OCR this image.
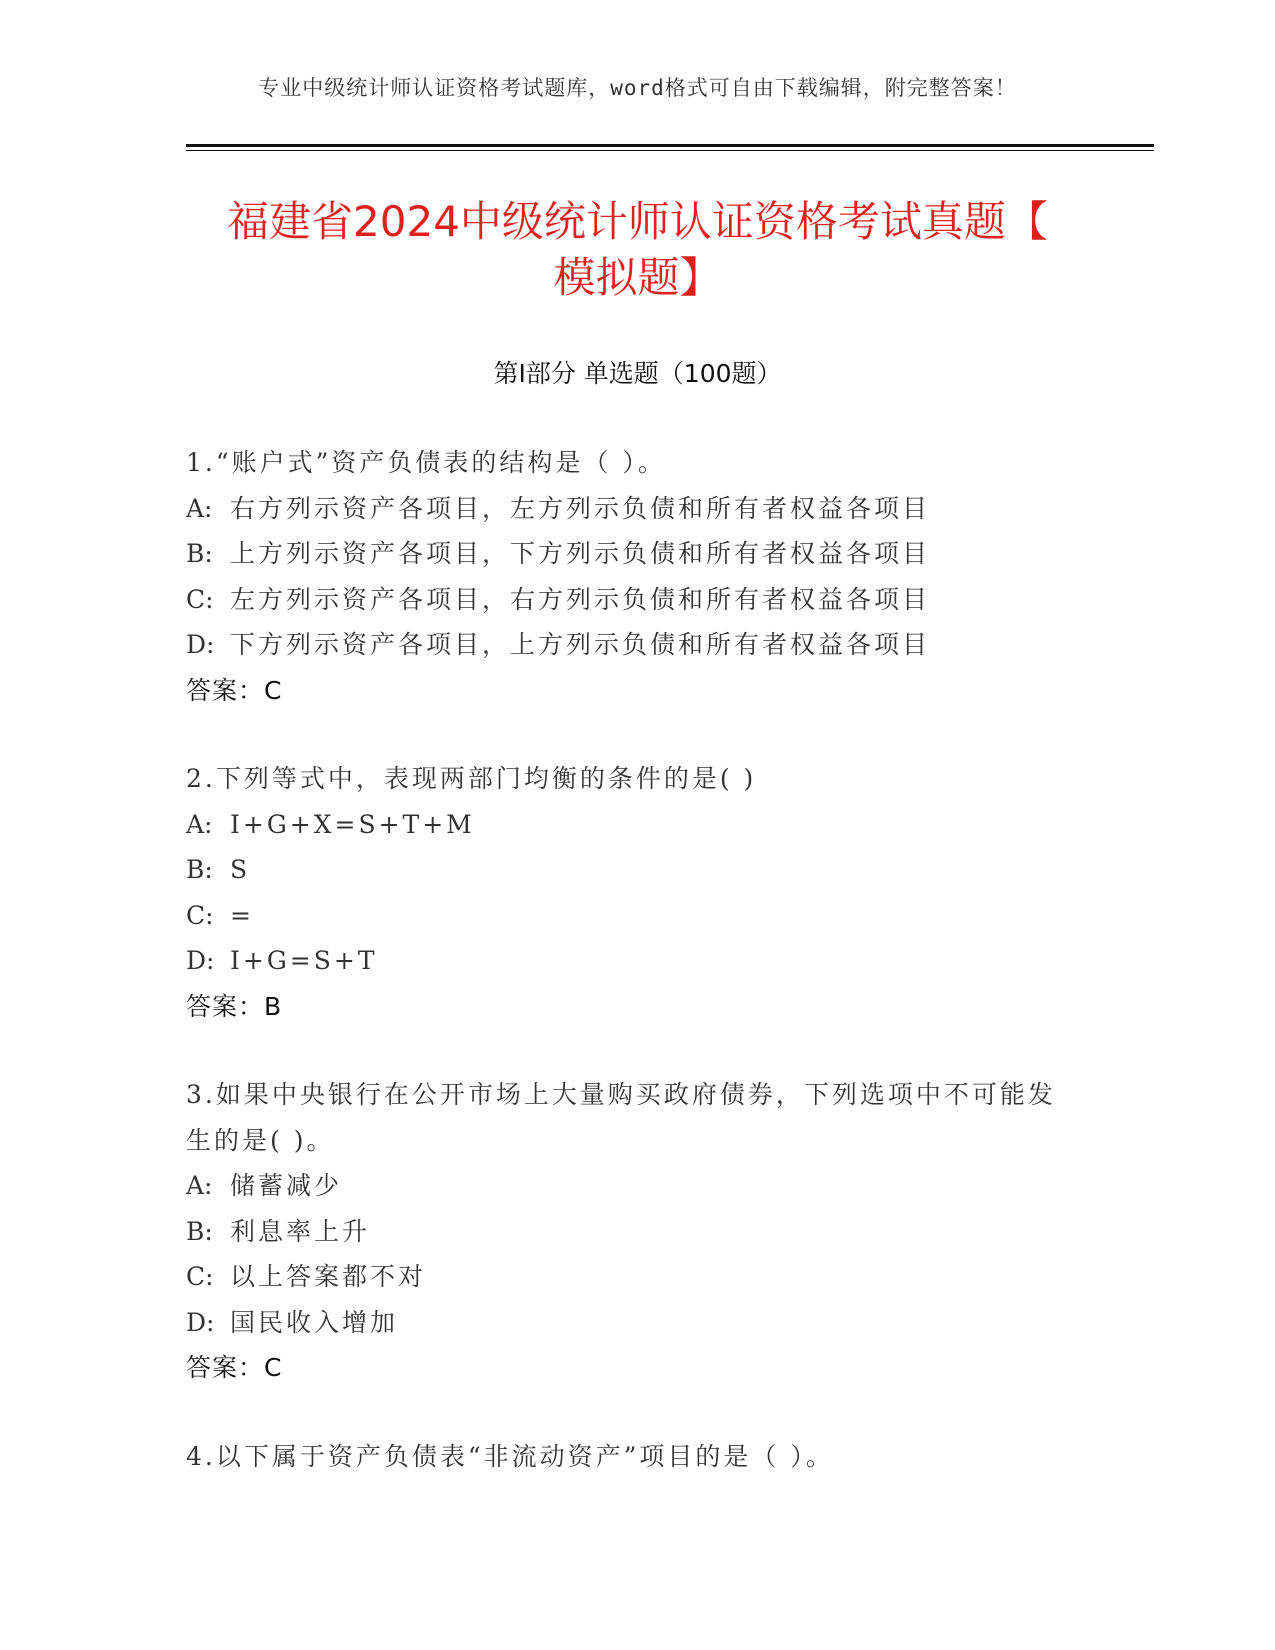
专业中级统计师认证资格考试题库，word格式可自由下载编辑，附完整答案！
福建省2024中级统计师认证资格考试真题【
模拟题】
第I部分 单选题（100题）
1.“账户式”资产负债表的结构是（ ）。
A: 右方列示资产各项目，左方列示负债和所有者权益各项目
B: 上方列示资产各项目，下方列示负债和所有者权益各项目
C: 左方列示资产各项目，右方列示负债和所有者权益各项目
D: 下方列示资产各项目，上方列示负债和所有者权益各项目
答案：C
2.下列等式中，表现两部门均衡的条件的是( )
A: I+G+X=S+T+M
B: S
C: =
D: I+G=S+T
答案：B
3.如果中央银行在公开市场上大量购买政府债券，下列选项中不可能发生的是( )。
A: 储蓄减少
B: 利息率上升
C: 以上答案都不对
D: 国民收入增加
答案：C
4.以下属于资产负债表“非流动资产”项目的是（ ）。
